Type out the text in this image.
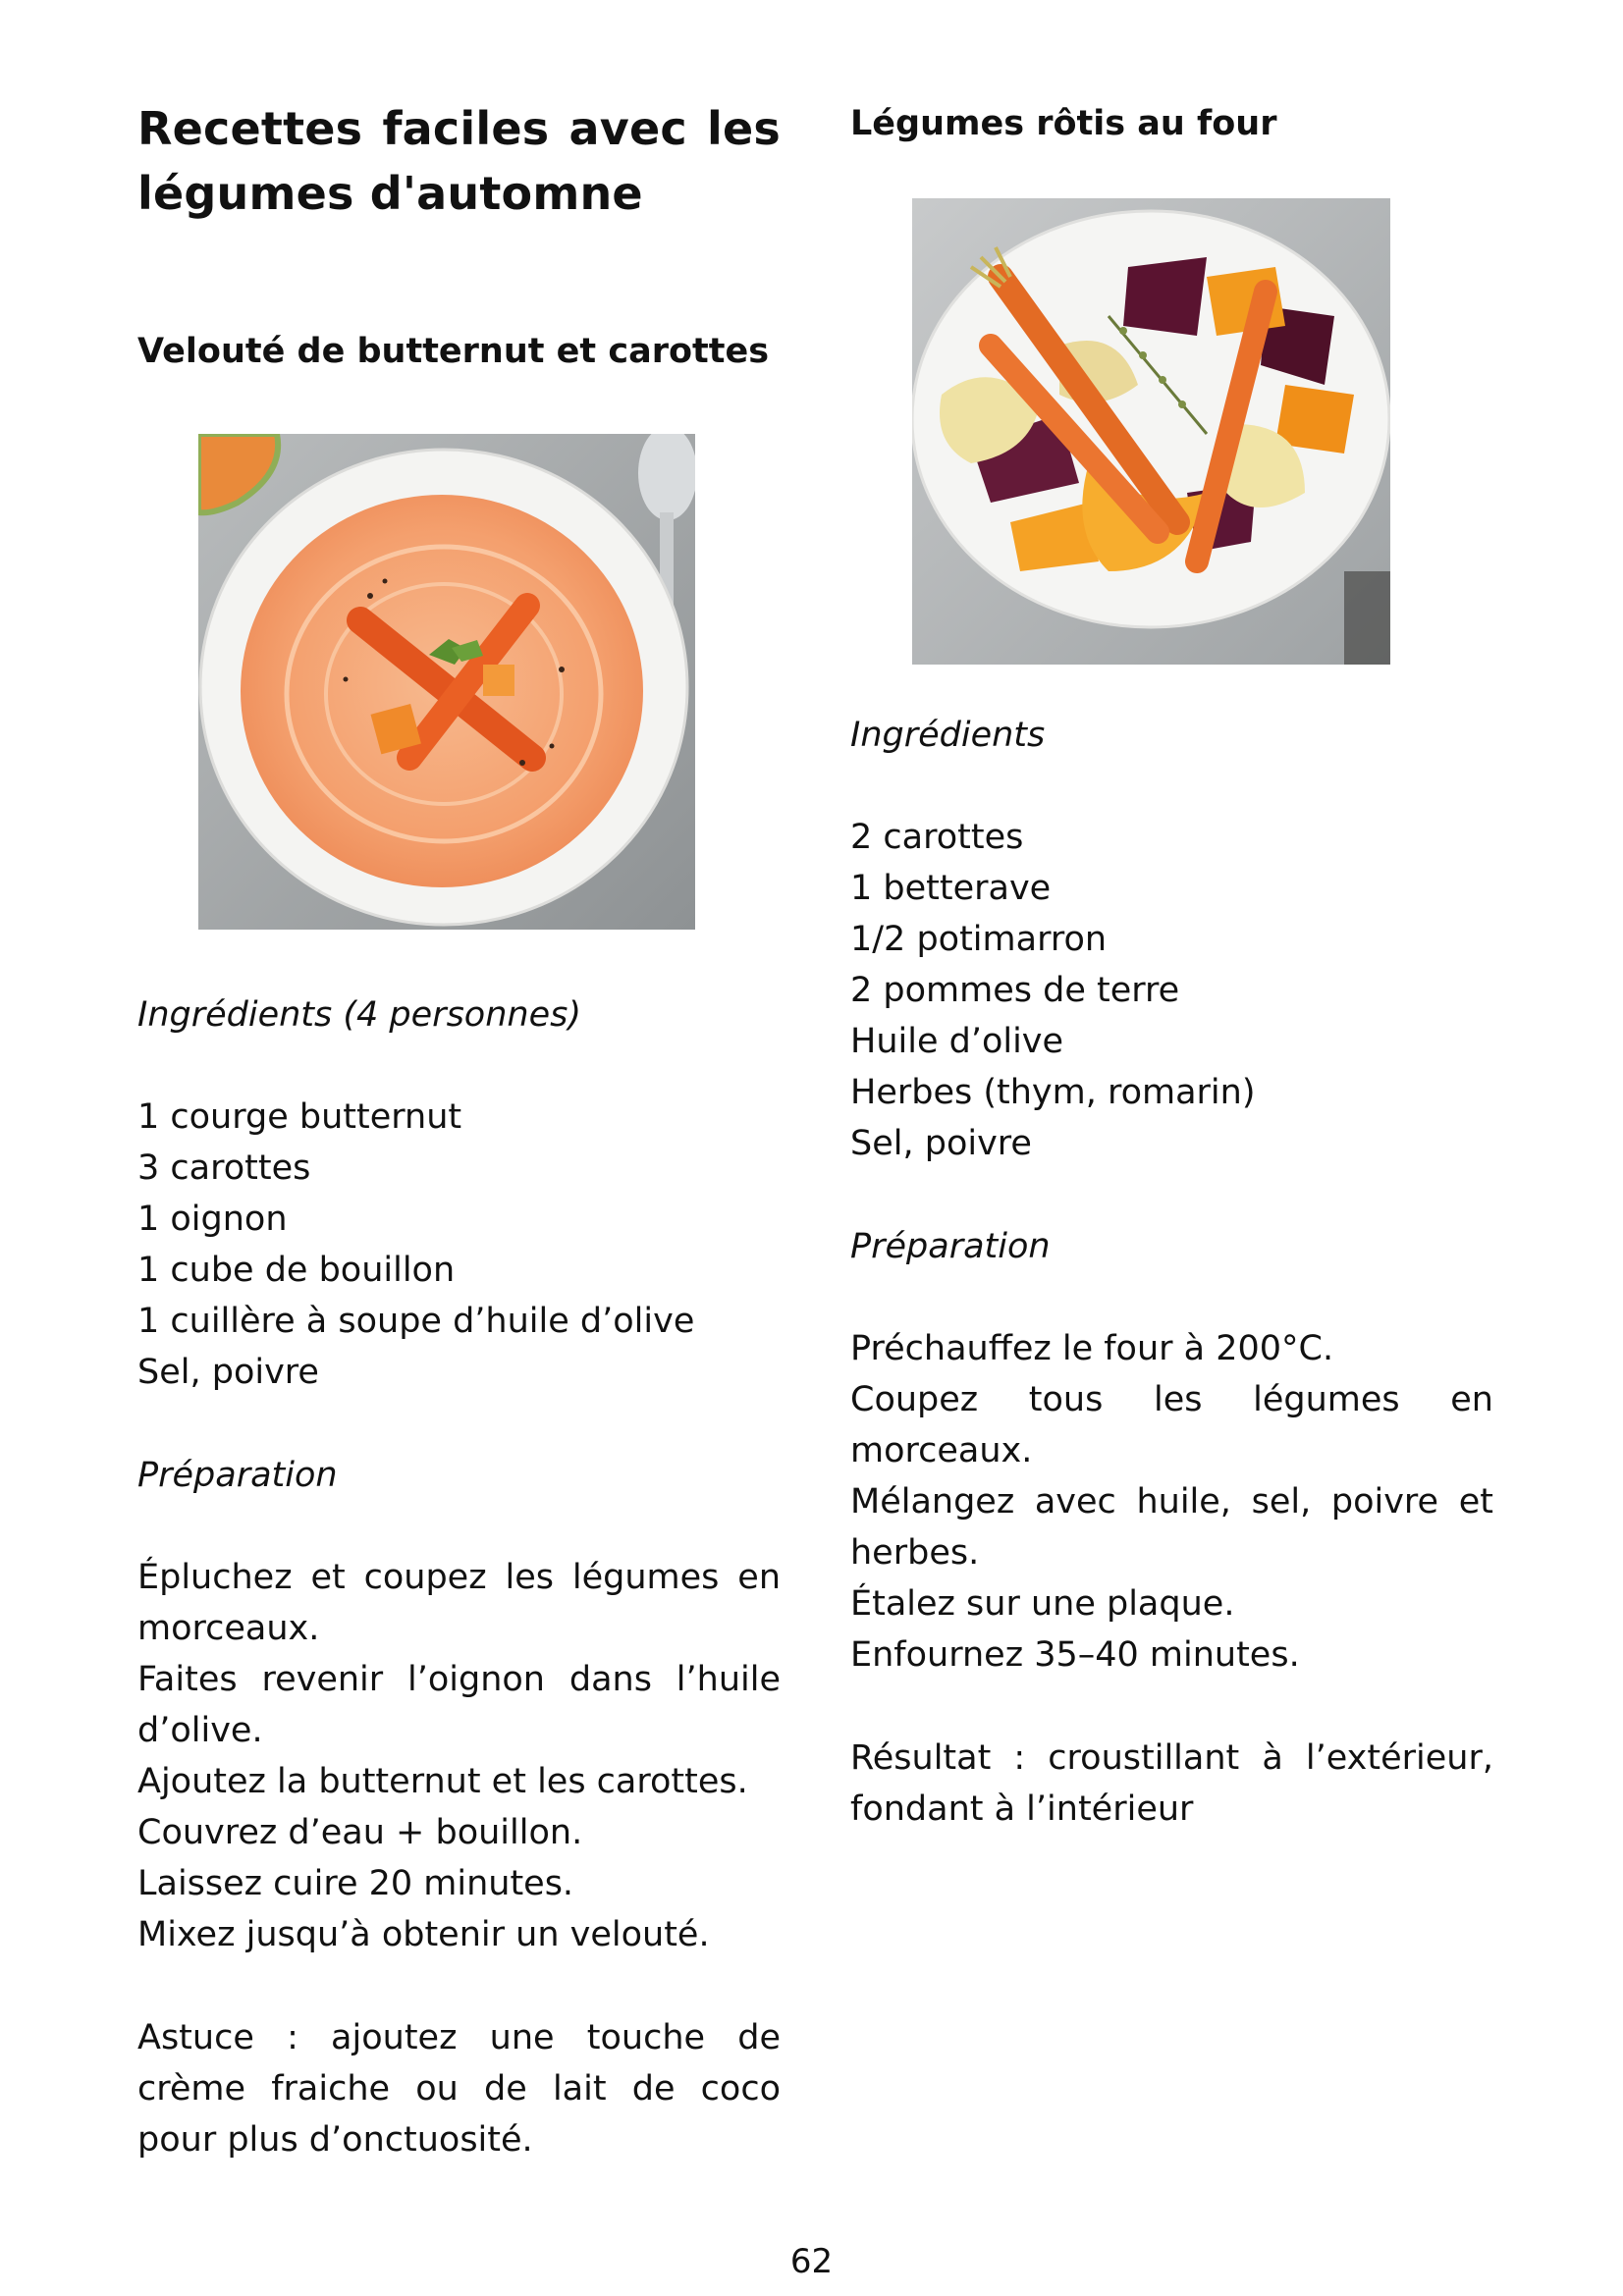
Recettes faciles avec les légumes d'automne
Velouté de butternut et carottes

Ingrédients (4 personnes)

1 courge butternut
3 carottes
1 oignon
1 cube de bouillon
1 cuillère à soupe d’huile d’olive
Sel, poivre

Préparation

Épluchez et coupez les légumes en morceaux.
Faites revenir l’oignon dans l’huile d’olive.
Ajoutez la butternut et les carottes.
Couvrez d’eau + bouillon.
Laissez cuire 20 minutes.
Mixez jusqu’à obtenir un velouté.

Astuce : ajoutez une touche de crème fraiche ou de lait de coco pour plus d’onctuosité.

Légumes rôtis au four

Ingrédients

2 carottes
1 betterave
1/2 potimarron
2 pommes de terre
Huile d’olive
Herbes (thym, romarin)
Sel, poivre

Préparation

Préchauffez le four à 200°C.
Coupez tous les légumes en morceaux.
Mélangez avec huile, sel, poivre et herbes.
Étalez sur une plaque.
Enfournez 35–40 minutes.

Résultat : croustillant à l’extérieur, fondant à l’intérieur

62
